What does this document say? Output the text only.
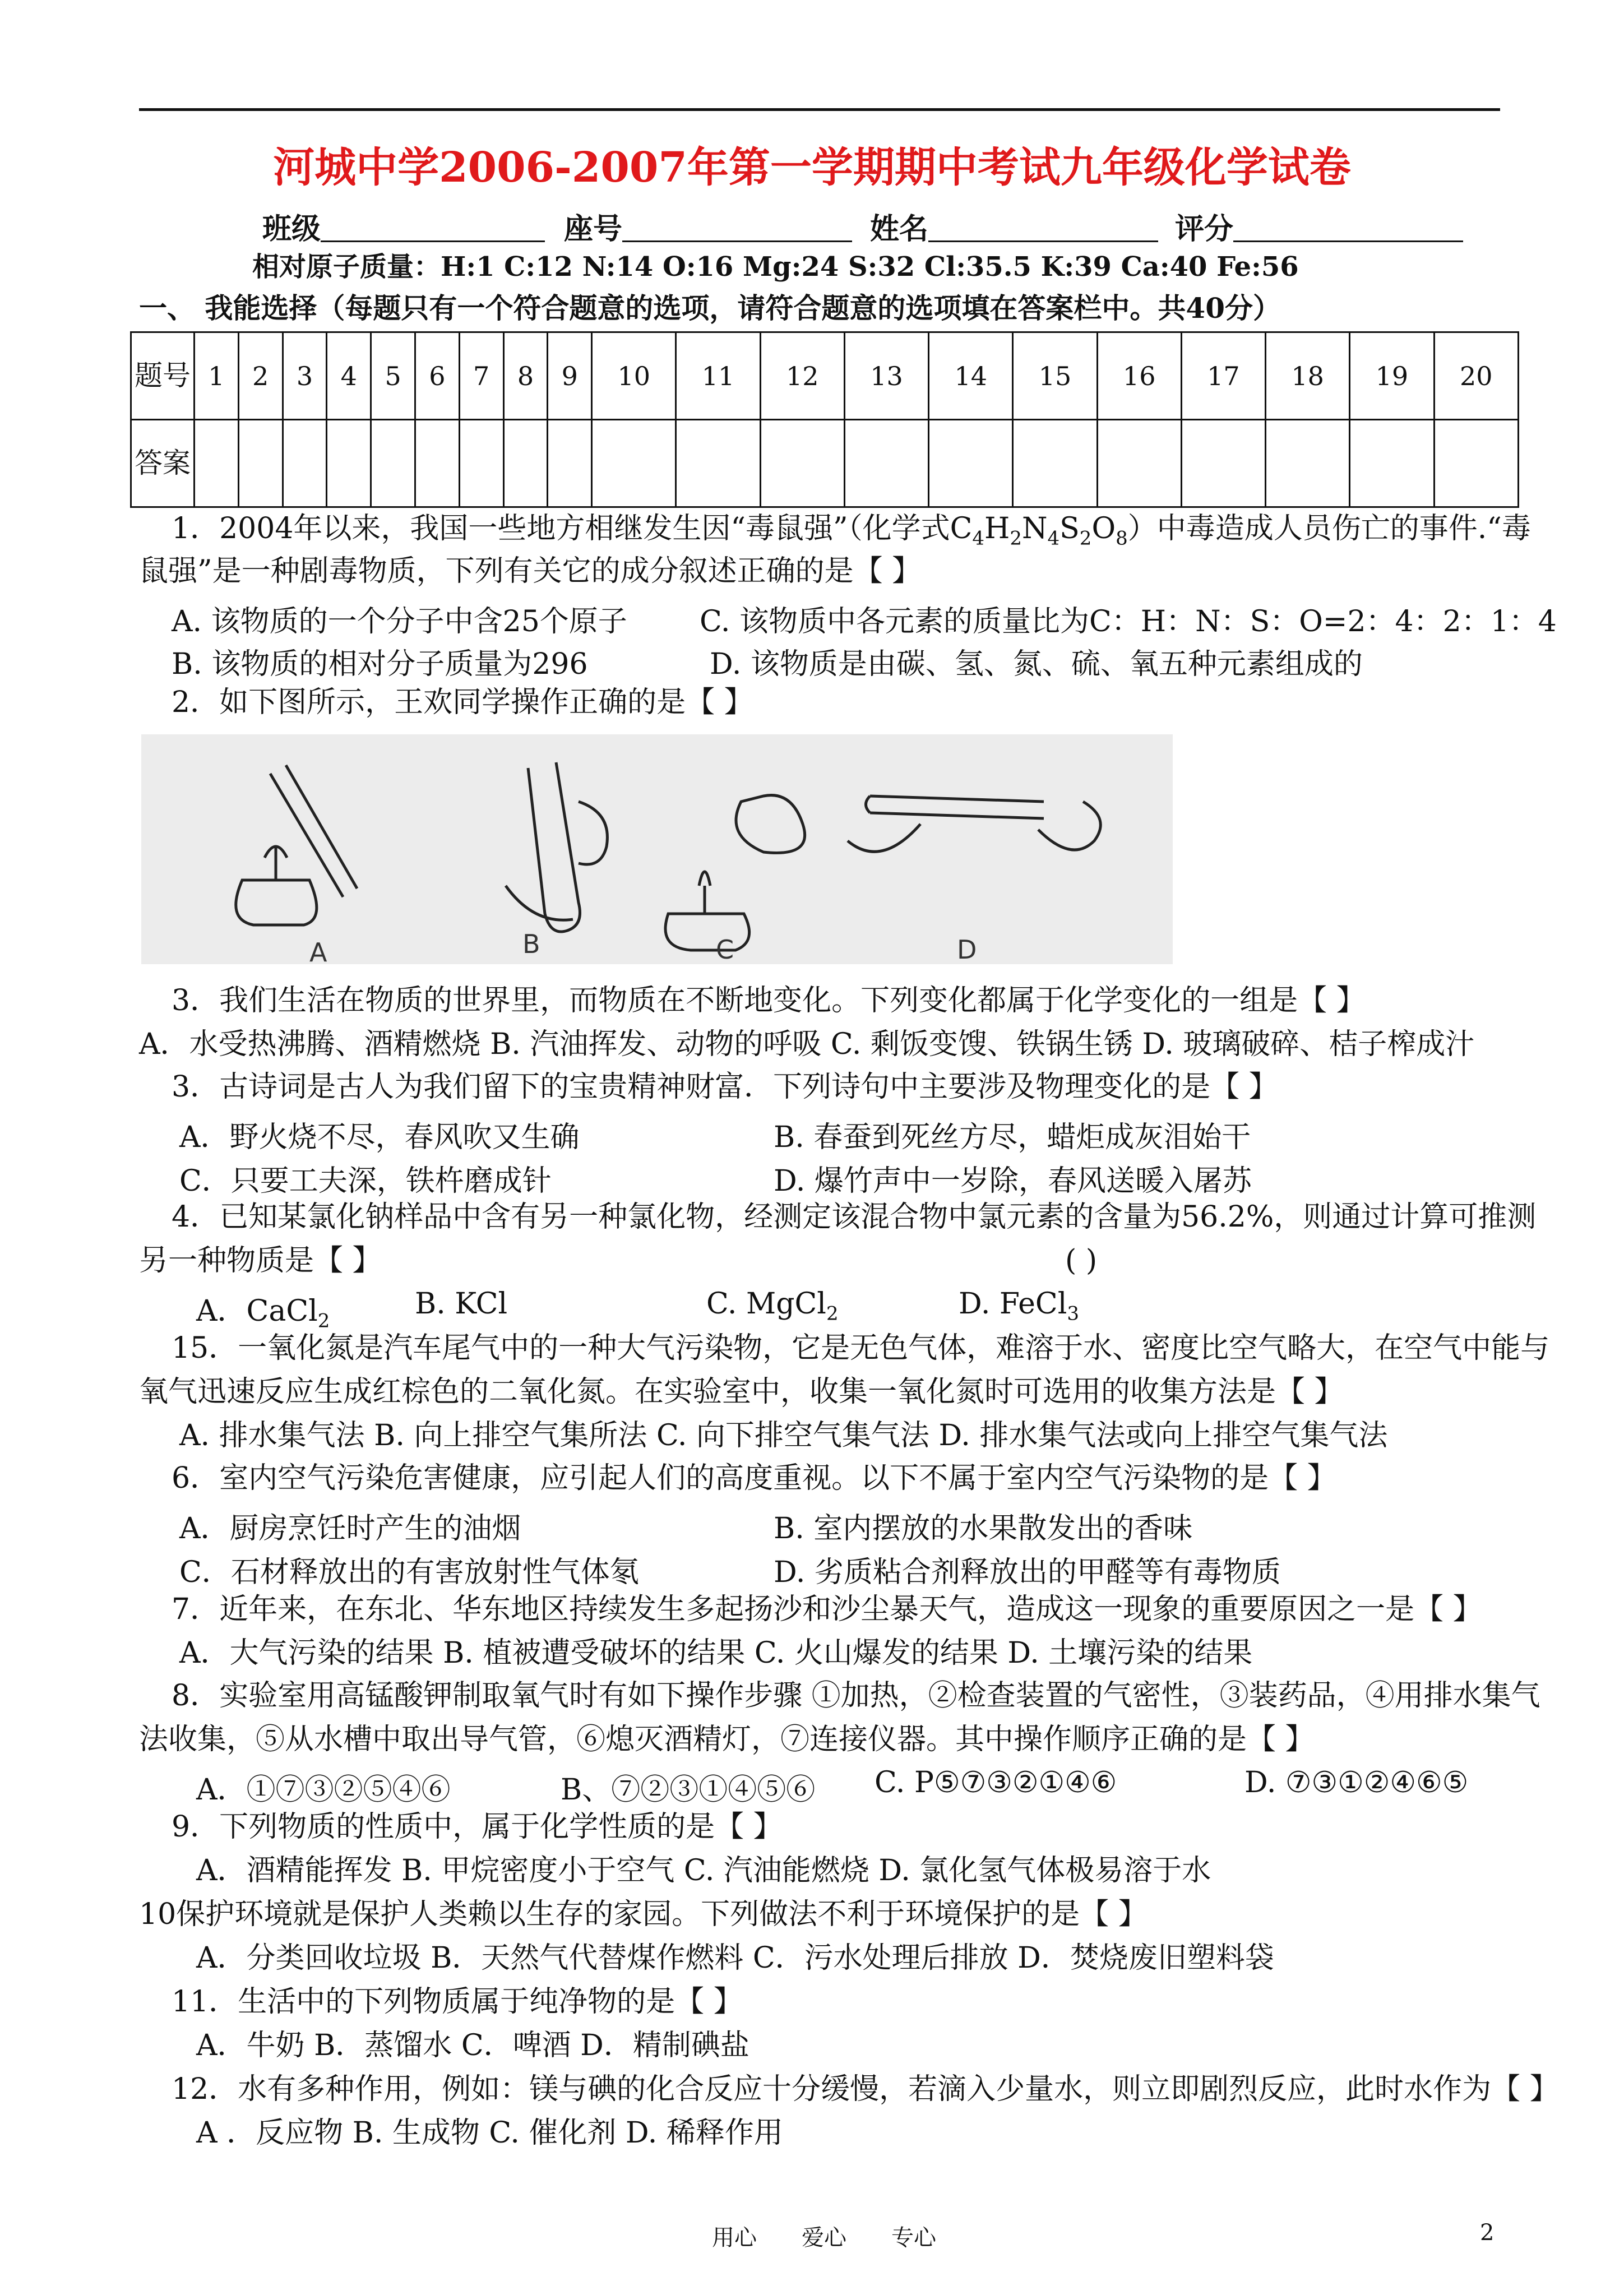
河城中学2006-2007年第一学期期中考试九年级化学试卷
班级	座号	姓名	评分
相对原子质量：H:1 C:12 N:14 O:16 Mg:24 S:32 Cl:35.5 K:39 Ca:40 Fe:56
一、 我能选择（每题只有一个符合题意的选项，请符合题意的选项填在答案栏中。共40分）
题号	1	2	3	4	5	6	7	8	9	10	11	12	13	14	15	16	17	18	19	20
答案																				
1．2004年以来，我国一些地方相继发生因“毒鼠强”（化学式$C_4H_2N_4S_2O_8$）中毒造成人员伤亡的事件.“毒
鼠强”是一种剧毒物质，下列有关它的成分叙述正确的是【 】
A. 该物质的一个分子中含25个原子 C. 该物质中各元素的质量比为C：H：N：S：O=2：4：2：1：4
B. 该物质的相对分子质量为296	D. 该物质是由碳、氢、氮、硫、氧五种元素组成的
2．如下图所示，王欢同学操作正确的是【 】
A	B	C	D
3．我们生活在物质的世界里，而物质在不断地变化。下列变化都属于化学变化的一组是【 】
A．水受热沸腾、酒精燃烧 B. 汽油挥发、动物的呼吸 C. 剩饭变馊、铁锅生锈 D. 玻璃破碎、桔子榨成汁
3．古诗词是古人为我们留下的宝贵精神财富．下列诗句中主要涉及物理变化的是【 】
A．野火烧不尽，春风吹又生确	B. 春蚕到死丝方尽，蜡炬成灰泪始干
C．只要工夫深，铁杵磨成针	D. 爆竹声中一岁除，春风送暖入屠苏
4．已知某氯化钠样品中含有另一种氯化物，经测定该混合物中氯元素的含量为56.2%，则通过计算可推测
另一种物质是【 】	( )
A．CaCl$_2$
B. KCl	C. MgCl$_2$	D. FeCl$_3$
15．一氧化氮是汽车尾气中的一种大气污染物，它是无色气体，难溶于水、密度比空气略大，在空气中能与
氧气迅速反应生成红棕色的二氧化氮。在实验室中，收集一氧化氮时可选用的收集方法是【 】
A. 排水集气法 B. 向上排空气集所法 C. 向下排空气集气法 D. 排水集气法或向上排空气集气法
6．室内空气污染危害健康，应引起人们的高度重视。以下不属于室内空气污染物的是【 】
A．厨房烹饪时产生的油烟	B. 室内摆放的水果散发出的香味
C．石材释放出的有害放射性气体氡	D. 劣质粘合剂释放出的甲醛等有毒物质
7．近年来，在东北、华东地区持续发生多起扬沙和沙尘暴天气，造成这一现象的重要原因之一是【 】
A．大气污染的结果 B. 植被遭受破坏的结果 C. 火山爆发的结果 D. 土壤污染的结果
8．实验室用高锰酸钾制取氧气时有如下操作步骤 ①加热，②检查装置的气密性，③装药品，④用排水集气
法收集，⑤从水槽中取出导气管，⑥熄灭酒精灯，⑦连接仪器。其中操作顺序正确的是【 】
A．①⑦③②⑤④⑥	B、⑦②③①④⑤⑥ C. P⑤⑦③②①④⑥	D. ⑦③①②④⑥⑤
9．下列物质的性质中，属于化学性质的是【 】
A．酒精能挥发 B. 甲烷密度小于空气 C. 汽油能燃烧 D. 氯化氢气体极易溶于水
10保护环境就是保护人类赖以生存的家园。下列做法不利于环境保护的是【 】
A．分类回收垃圾 B．天然气代替煤作燃料 C．污水处理后排放 D．焚烧废旧塑料袋
11．生活中的下列物质属于纯净物的是【 】
A．牛奶 B．蒸馏水 C．啤酒 D．精制碘盐
12．水有多种作用，例如：镁与碘的化合反应十分缓慢，若滴入少量水，则立即剧烈反应，此时水作为【 】
A ．反应物 B. 生成物 C. 催化剂 D. 稀释作用
用心 爱心 专心	2
